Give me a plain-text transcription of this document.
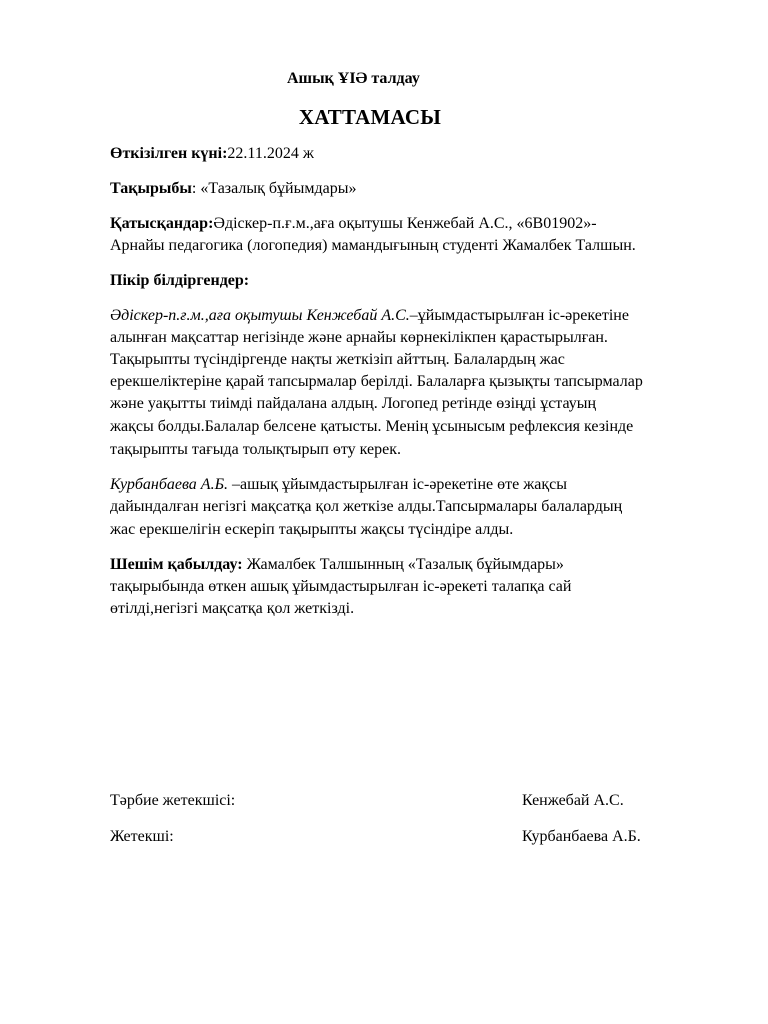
Ашық ҰІӘ талдау
ХАТТАМАСЫ
Өткізілген күні:22.11.2024 ж
Тақырыбы: «Тазалық бұйымдары»
Қатысқандар:Әдіскер-п.ғ.м.,аға оқытушы Кенжебай А.С., «6В01902»-
Арнайы педагогика (логопедия) мамандығының студенті Жамалбек Талшын.
Пікір білдіргендер:
Әдіскер-п.ғ.м.,аға оқытушы Кенжебай А.С.–ұйымдастырылған іс-әрекетіне
алынған мақсаттар негізінде және арнайы көрнекілікпен қарастырылған.
Тақырыпты түсіндіргенде нақты жеткізіп айттың. Балалардың жас
ерекшеліктеріне қарай тапсырмалар берілді. Балаларға қызықты тапсырмалар
және уақытты тиімді пайдалана алдың. Логопед ретінде өзіңді ұстауың
жақсы болды.Балалар белсене қатысты. Менің ұсынысым рефлексия кезінде
тақырыпты тағыда толықтырып өту керек.
Курбанбаева А.Б. –ашық ұйымдастырылған іс-әрекетіне өте жақсы
дайындалған негізгі мақсатқа қол жеткізе алды.Тапсырмалары балалардың
жас ерекшелігін ескеріп тақырыпты жақсы түсіндіре алды.
Шешім қабылдау: Жамалбек Талшынның «Тазалық бұйымдары»
тақырыбында өткен ашық ұйымдастырылған іс-әрекеті талапқа сай
өтілді,негізгі мақсатқа қол жеткізді.
Тәрбие жетекшісі:	Кенжебай А.С.
Жетекші:	Курбанбаева А.Б.
